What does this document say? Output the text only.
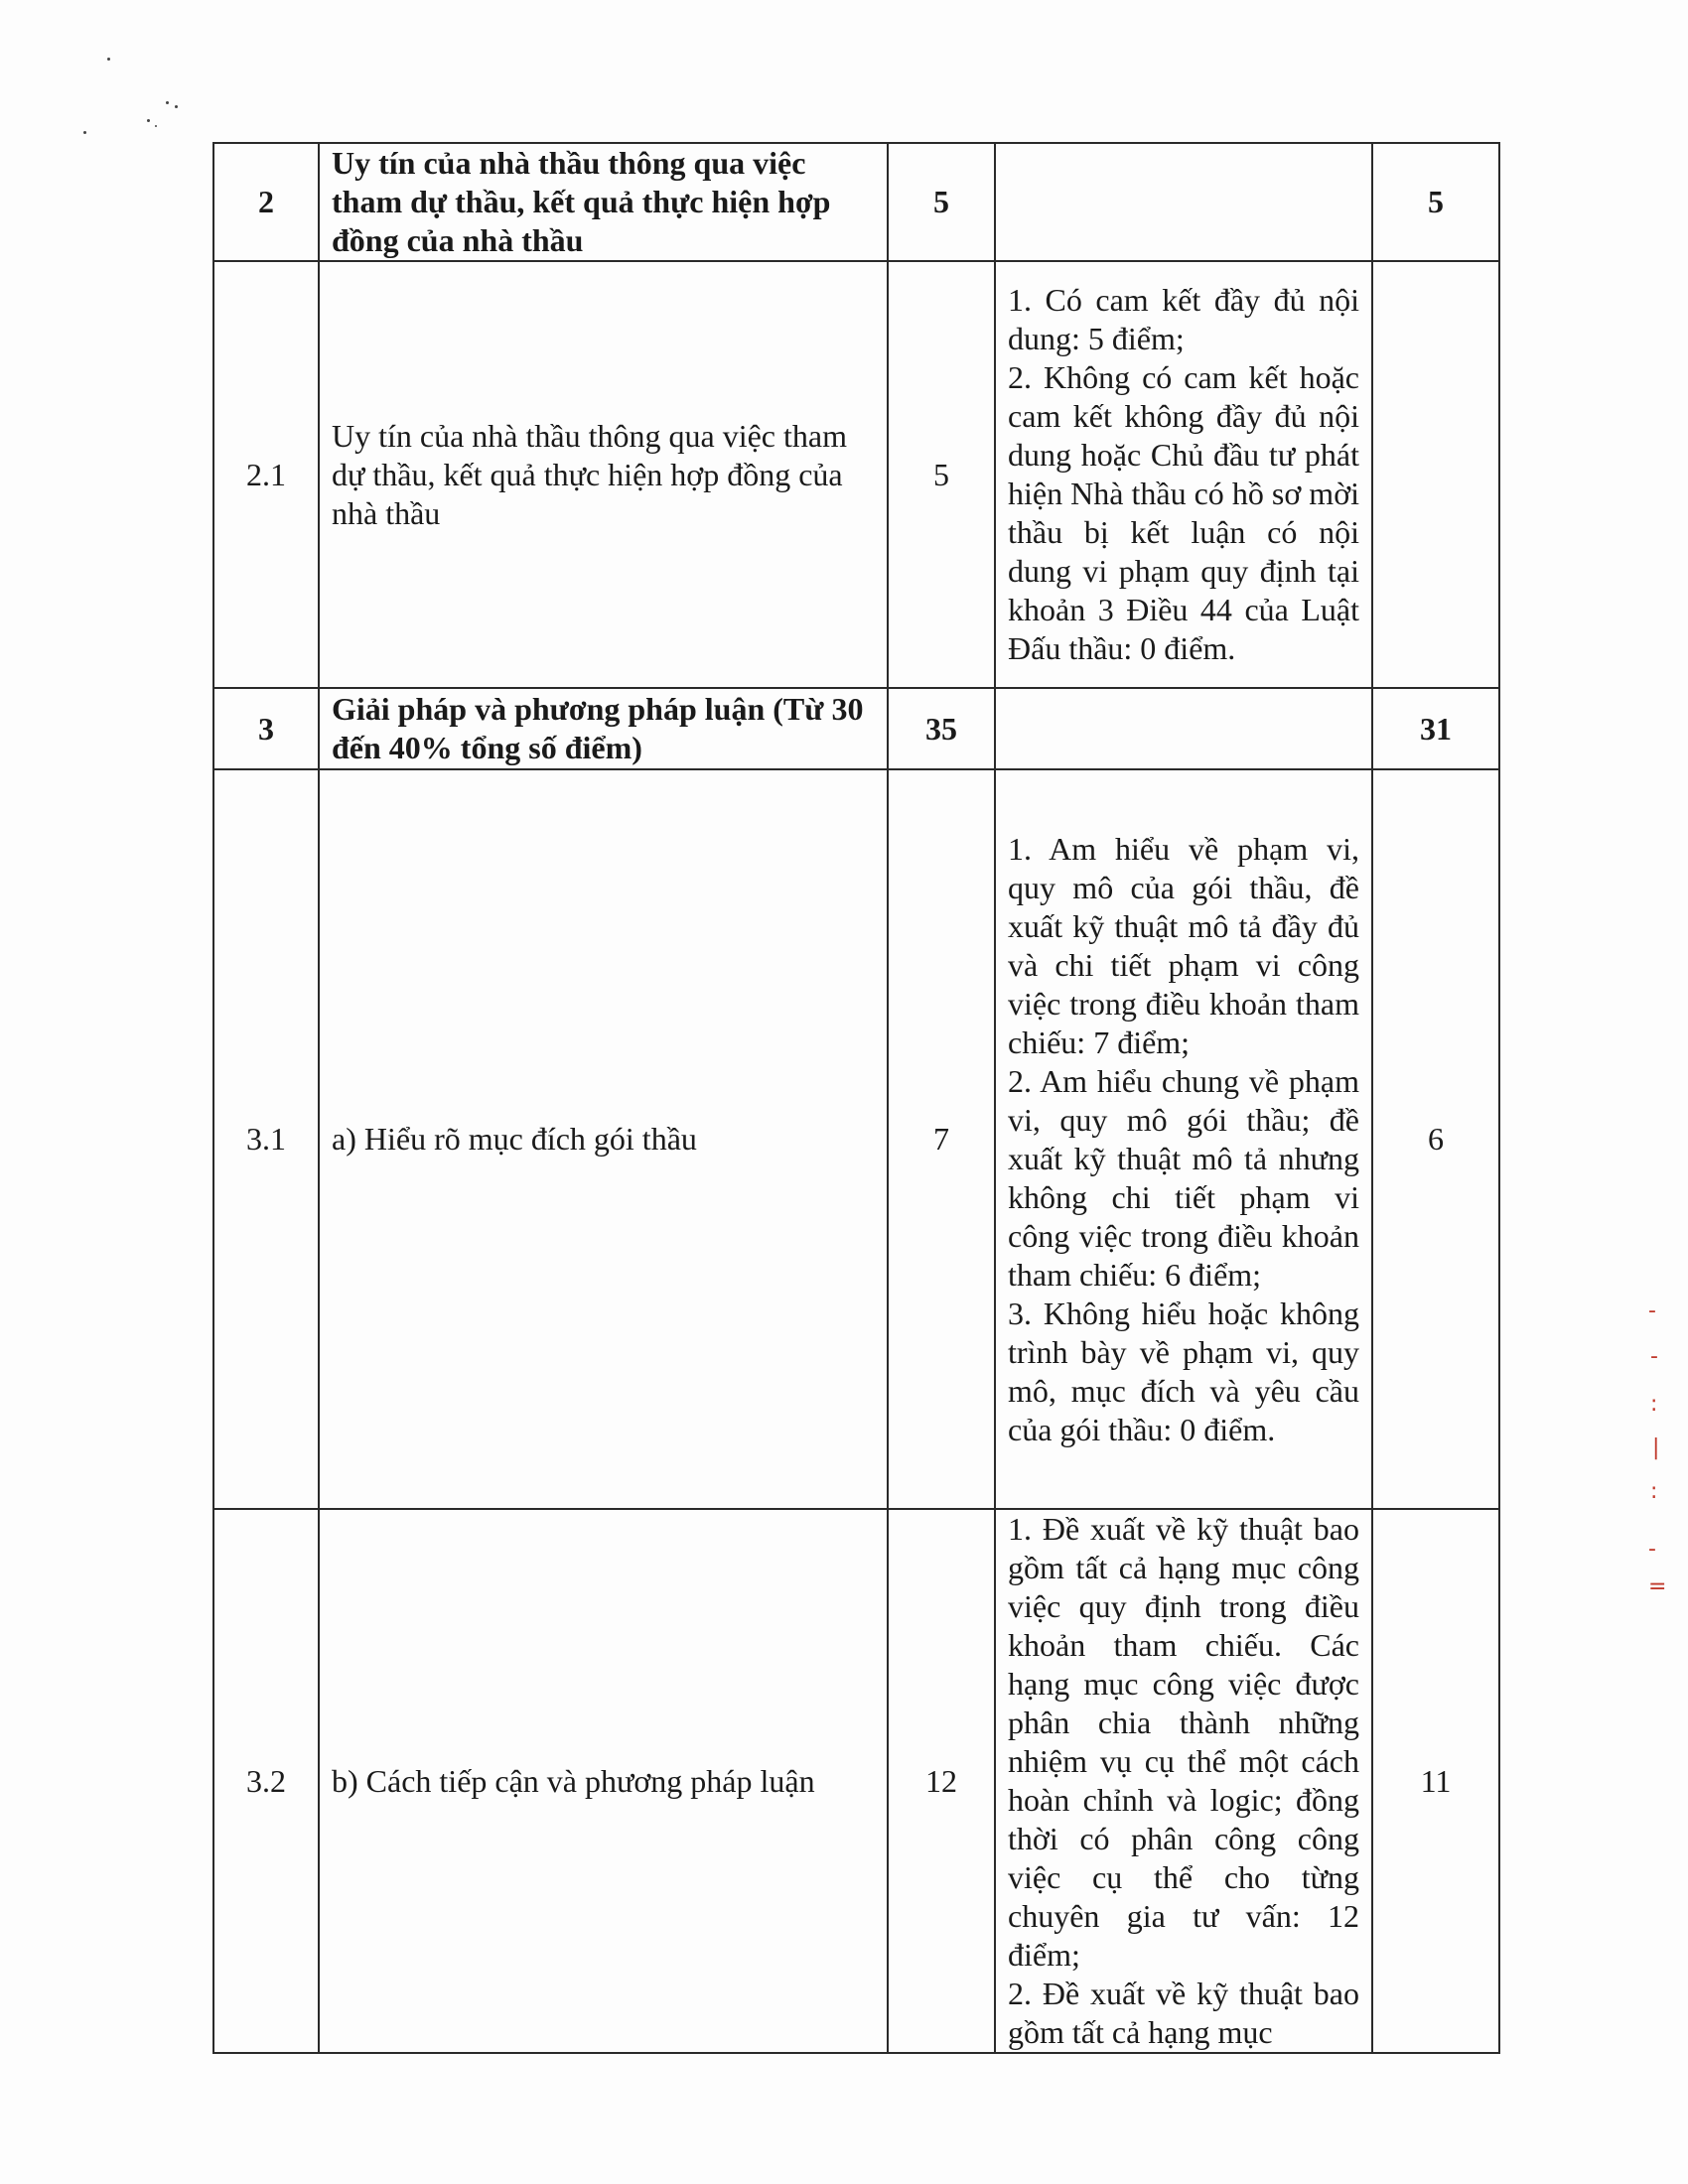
-
-
:
|
:
-
=
2	Uy tín của nhà thầu thông qua việc tham dự thầu, kết quả thực hiện hợp đồng của nhà thầu	5		5
2.1	Uy tín của nhà thầu thông qua việc tham dự thầu, kết quả thực hiện hợp đồng của nhà thầu	5	1. Có cam kết đầy đủ nội dung: 5 điểm;
2. Không có cam kết hoặc cam kết không đầy đủ nội dung hoặc Chủ đầu tư phát hiện Nhà thầu có hồ sơ mời thầu bị kết luận có nội dung vi phạm quy định tại khoản 3 Điều 44 của Luật Đấu thầu: 0 điểm.	
3	Giải pháp và phương pháp luận (Từ 30 đến 40% tổng số điểm)	35		31
3.1	a) Hiểu rõ mục đích gói thầu	7	1. Am hiểu về phạm vi, quy mô của gói thầu, đề xuất kỹ thuật mô tả đầy đủ và chi tiết phạm vi công việc trong điều khoản tham chiếu: 7 điểm;
2. Am hiểu chung về phạm vi, quy mô gói thầu; đề xuất kỹ thuật mô tả nhưng không chi tiết phạm vi công việc trong điều khoản tham chiếu: 6 điểm;
3. Không hiểu hoặc không trình bày về phạm vi, quy mô, mục đích và yêu cầu của gói thầu: 0 điểm.	6
3.2	b) Cách tiếp cận và phương pháp luận	12	1. Đề xuất về kỹ thuật bao gồm tất cả hạng mục công việc quy định trong điều khoản tham chiếu. Các hạng mục công việc được phân chia thành những nhiệm vụ cụ thể một cách hoàn chỉnh và logic; đồng thời có phân công công việc cụ thể cho từng chuyên gia tư vấn: 12 điểm;
2. Đề xuất về kỹ thuật bao gồm tất cả hạng mục	11
